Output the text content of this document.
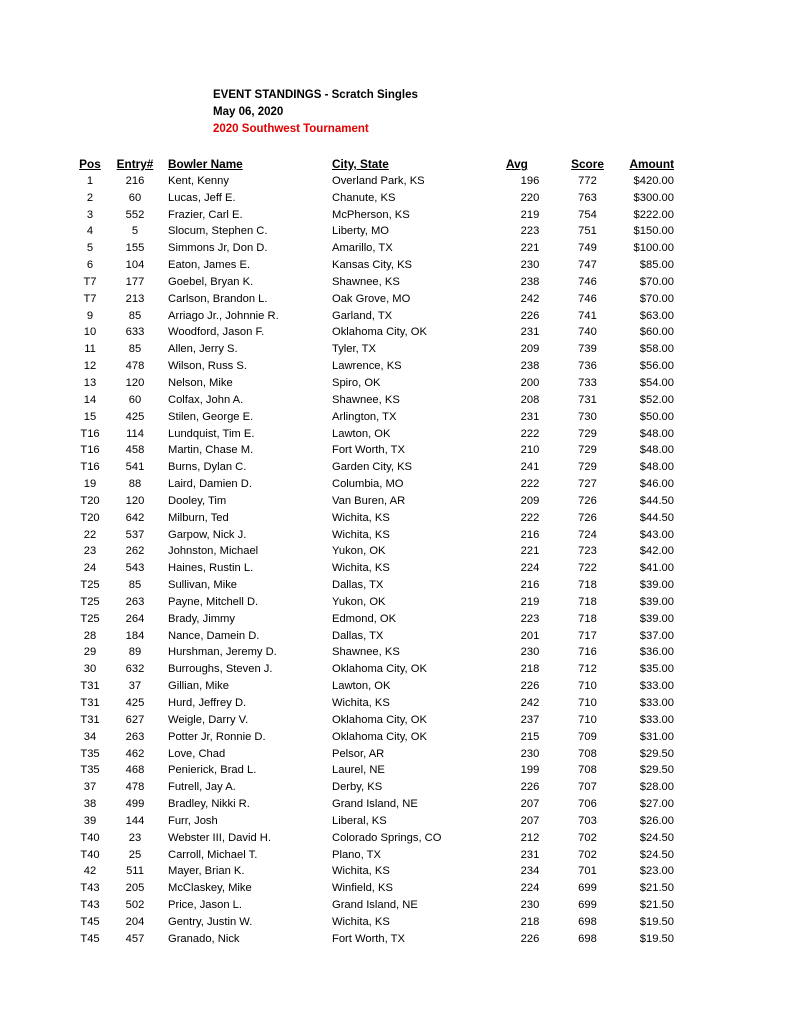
EVENT STANDINGS - Scratch Singles
May 06, 2020
2020 Southwest Tournament
Pos	Entry#	Bowler Name	City, State	Avg	Score	Amount
1	216	Kent, Kenny	Overland Park, KS	196	772	$420.00
2	60	Lucas, Jeff E.	Chanute, KS	220	763	$300.00
3	552	Frazier, Carl E.	McPherson, KS	219	754	$222.00
4	5	Slocum, Stephen C.	Liberty, MO	223	751	$150.00
5	155	Simmons Jr, Don D.	Amarillo, TX	221	749	$100.00
6	104	Eaton, James E.	Kansas City, KS	230	747	$85.00
T7	177	Goebel, Bryan K.	Shawnee, KS	238	746	$70.00
T7	213	Carlson, Brandon L.	Oak Grove, MO	242	746	$70.00
9	85	Arriago Jr., Johnnie R.	Garland, TX	226	741	$63.00
10	633	Woodford, Jason F.	Oklahoma City, OK	231	740	$60.00
11	85	Allen, Jerry S.	Tyler, TX	209	739	$58.00
12	478	Wilson, Russ S.	Lawrence, KS	238	736	$56.00
13	120	Nelson, Mike	Spiro, OK	200	733	$54.00
14	60	Colfax, John A.	Shawnee, KS	208	731	$52.00
15	425	Stilen, George E.	Arlington, TX	231	730	$50.00
T16	114	Lundquist, Tim E.	Lawton, OK	222	729	$48.00
T16	458	Martin, Chase M.	Fort Worth, TX	210	729	$48.00
T16	541	Burns, Dylan C.	Garden City, KS	241	729	$48.00
19	88	Laird, Damien D.	Columbia, MO	222	727	$46.00
T20	120	Dooley, Tim	Van Buren, AR	209	726	$44.50
T20	642	Milburn, Ted	Wichita, KS	222	726	$44.50
22	537	Garpow, Nick J.	Wichita, KS	216	724	$43.00
23	262	Johnston, Michael	Yukon, OK	221	723	$42.00
24	543	Haines, Rustin L.	Wichita, KS	224	722	$41.00
T25	85	Sullivan, Mike	Dallas, TX	216	718	$39.00
T25	263	Payne, Mitchell D.	Yukon, OK	219	718	$39.00
T25	264	Brady, Jimmy	Edmond, OK	223	718	$39.00
28	184	Nance, Damein D.	Dallas, TX	201	717	$37.00
29	89	Hurshman, Jeremy D.	Shawnee, KS	230	716	$36.00
30	632	Burroughs, Steven J.	Oklahoma City, OK	218	712	$35.00
T31	37	Gillian, Mike	Lawton, OK	226	710	$33.00
T31	425	Hurd, Jeffrey D.	Wichita, KS	242	710	$33.00
T31	627	Weigle, Darry V.	Oklahoma City, OK	237	710	$33.00
34	263	Potter Jr, Ronnie D.	Oklahoma City, OK	215	709	$31.00
T35	462	Love, Chad	Pelsor, AR	230	708	$29.50
T35	468	Penierick, Brad L.	Laurel, NE	199	708	$29.50
37	478	Futrell, Jay A.	Derby, KS	226	707	$28.00
38	499	Bradley, Nikki R.	Grand Island, NE	207	706	$27.00
39	144	Furr, Josh	Liberal, KS	207	703	$26.00
T40	23	Webster III, David H.	Colorado Springs, CO	212	702	$24.50
T40	25	Carroll, Michael T.	Plano, TX	231	702	$24.50
42	511	Mayer, Brian K.	Wichita, KS	234	701	$23.00
T43	205	McClaskey, Mike	Winfield, KS	224	699	$21.50
T43	502	Price, Jason L.	Grand Island, NE	230	699	$21.50
T45	204	Gentry, Justin W.	Wichita, KS	218	698	$19.50
T45	457	Granado, Nick	Fort Worth, TX	226	698	$19.50
